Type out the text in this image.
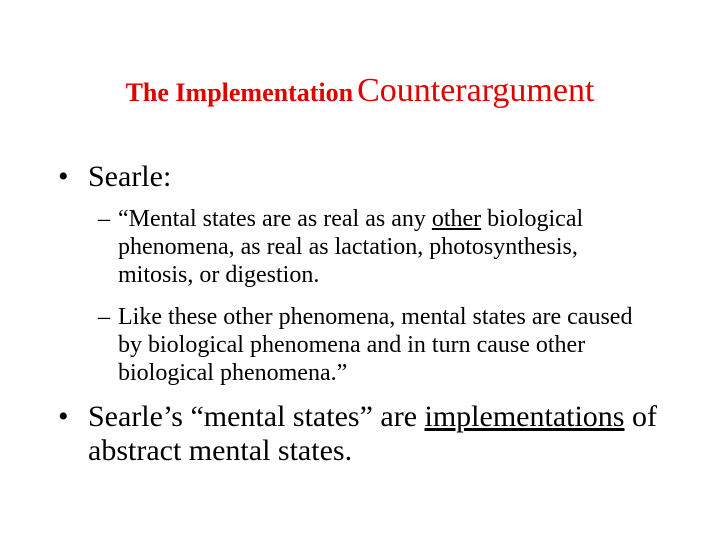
The Implementation Counterargument
• Searle:
– “Mental states are as real as any other biological phenomena, as real as lactation, photosynthesis, mitosis, or digestion.
– Like these other phenomena, mental states are caused by biological phenomena and in turn cause other biological phenomena.”
• Searle’s “mental states” are implementations of abstract mental states.
